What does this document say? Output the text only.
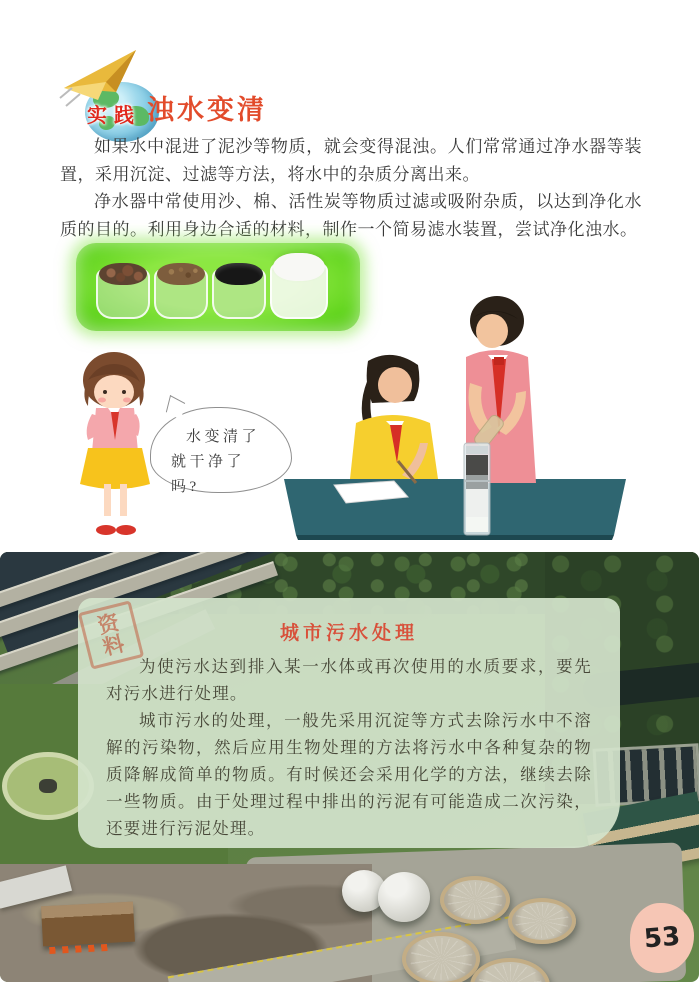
实践 浊水变清

如果水中混进了泥沙等物质，就会变得混浊。人们常常通过净水器等装置，采用沉淀、过滤等方法，将水中的杂质分离出来。

净水器中常使用沙、棉、活性炭等物质过滤或吸附杂质，以达到净化水质的目的。利用身边合适的材料，制作一个简易滤水装置，尝试净化浊水。

水变清了就干净了吗?
资料	城市污水处理

为使污水达到排入某一水体或再次使用的水质要求，要先对污水进行处理。

城市污水的处理，一般先采用沉淀等方式去除污水中不溶解的污染物，然后应用生物处理的方法将污水中各种复杂的物质降解成简单的物质。有时候还会采用化学的方法，继续去除一些物质。由于处理过程中排出的污泥有可能造成二次污染，还要进行污泥处理。

53
